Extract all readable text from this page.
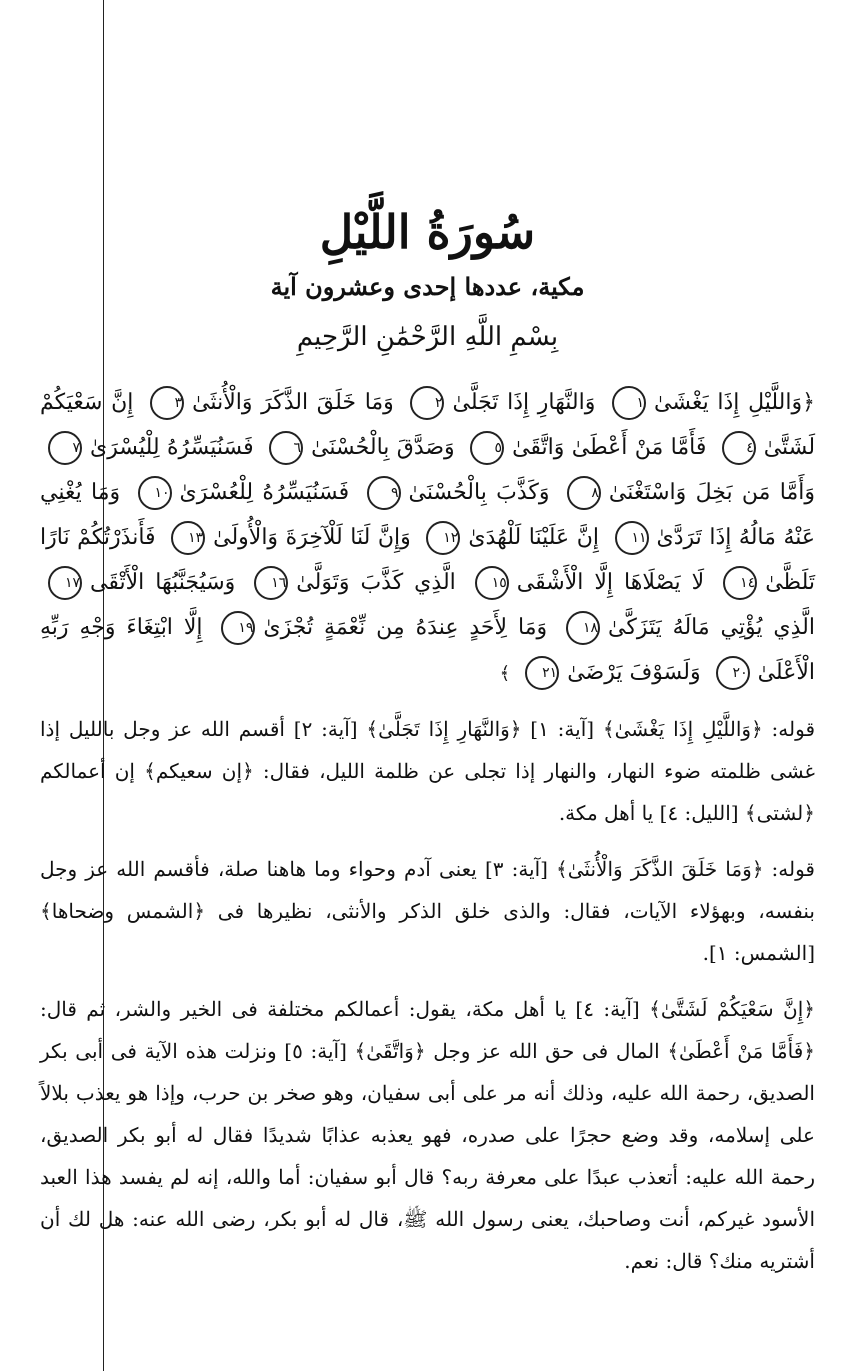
سُورَةُ اللَّيْلِ
مكية، عددها إحدى وعشرون آية
بِسْمِ اللَّهِ الرَّحْمَٰنِ الرَّحِيمِ
﴿وَاللَّيْلِ إِذَا يَغْشَىٰ١ وَالنَّهَارِ إِذَا تَجَلَّىٰ٢ وَمَا خَلَقَ الذَّكَرَ وَالْأُنثَىٰ٣ إِنَّ سَعْيَكُمْ لَشَتَّىٰ٤ فَأَمَّا مَنْ أَعْطَىٰ وَاتَّقَىٰ٥ وَصَدَّقَ بِالْحُسْنَىٰ٦ فَسَنُيَسِّرُهُ لِلْيُسْرَىٰ٧ وَأَمَّا مَن بَخِلَ وَاسْتَغْنَىٰ٨ وَكَذَّبَ بِالْحُسْنَىٰ٩ فَسَنُيَسِّرُهُ لِلْعُسْرَىٰ١٠ وَمَا يُغْنِي عَنْهُ مَالُهُ إِذَا تَرَدَّىٰ١١ إِنَّ عَلَيْنَا لَلْهُدَىٰ١٢ وَإِنَّ لَنَا لَلْآخِرَةَ وَالْأُولَىٰ١٣ فَأَنذَرْتُكُمْ نَارًا تَلَظَّىٰ١٤ لَا يَصْلَاهَا إِلَّا الْأَشْقَى١٥ الَّذِي كَذَّبَ وَتَوَلَّىٰ١٦ وَسَيُجَنَّبُهَا الْأَتْقَى١٧ الَّذِي يُؤْتِي مَالَهُ يَتَزَكَّىٰ١٨ وَمَا لِأَحَدٍ عِندَهُ مِن نِّعْمَةٍ تُجْزَىٰ١٩ إِلَّا ابْتِغَاءَ وَجْهِ رَبِّهِ الْأَعْلَىٰ٢٠ وَلَسَوْفَ يَرْضَىٰ٢١ ﴾

قوله: ﴿وَاللَّيْلِ إِذَا يَغْشَىٰ﴾ [آية: ١] ﴿وَالنَّهَارِ إِذَا تَجَلَّىٰ﴾ [آية: ٢] أقسم الله عز وجل بالليل إذا غشى ظلمته ضوء النهار، والنهار إذا تجلى عن ظلمة الليل، فقال: ﴿إن سعيكم﴾ إن أعمالكم ﴿لشتى﴾ [الليل: ٤] يا أهل مكة.

قوله: ﴿وَمَا خَلَقَ الذَّكَرَ وَالْأُنثَىٰ﴾ [آية: ٣] يعنى آدم وحواء وما هاهنا صلة، فأقسم الله عز وجل بنفسه، وبهؤلاء الآيات، فقال: والذى خلق الذكر والأنثى، نظيرها فى ﴿الشمس وضحاها﴾ [الشمس: ١].

﴿إِنَّ سَعْيَكُمْ لَشَتَّىٰ﴾ [آية: ٤] يا أهل مكة، يقول: أعمالكم مختلفة فى الخير والشر، ثم قال: ﴿فَأَمَّا مَنْ أَعْطَىٰ﴾ المال فى حق الله عز وجل ﴿وَاتَّقَىٰ﴾ [آية: ٥] ونزلت هذه الآية فى أبى بكر الصديق، رحمة الله عليه، وذلك أنه مر على أبى سفيان، وهو صخر بن حرب، وإذا هو يعذب بلالاً على إسلامه، وقد وضع حجرًا على صدره، فهو يعذبه عذابًا شديدًا فقال له أبو بكر الصديق، رحمة الله عليه: أتعذب عبدًا على معرفة ربه؟ قال أبو سفيان: أما والله، إنه لم يفسد هذا العبد الأسود غيركم، أنت وصاحبك، يعنى رسول الله ﷺ، قال له أبو بكر، رضى الله عنه: هل لك أن أشتريه منك؟ قال: نعم.
